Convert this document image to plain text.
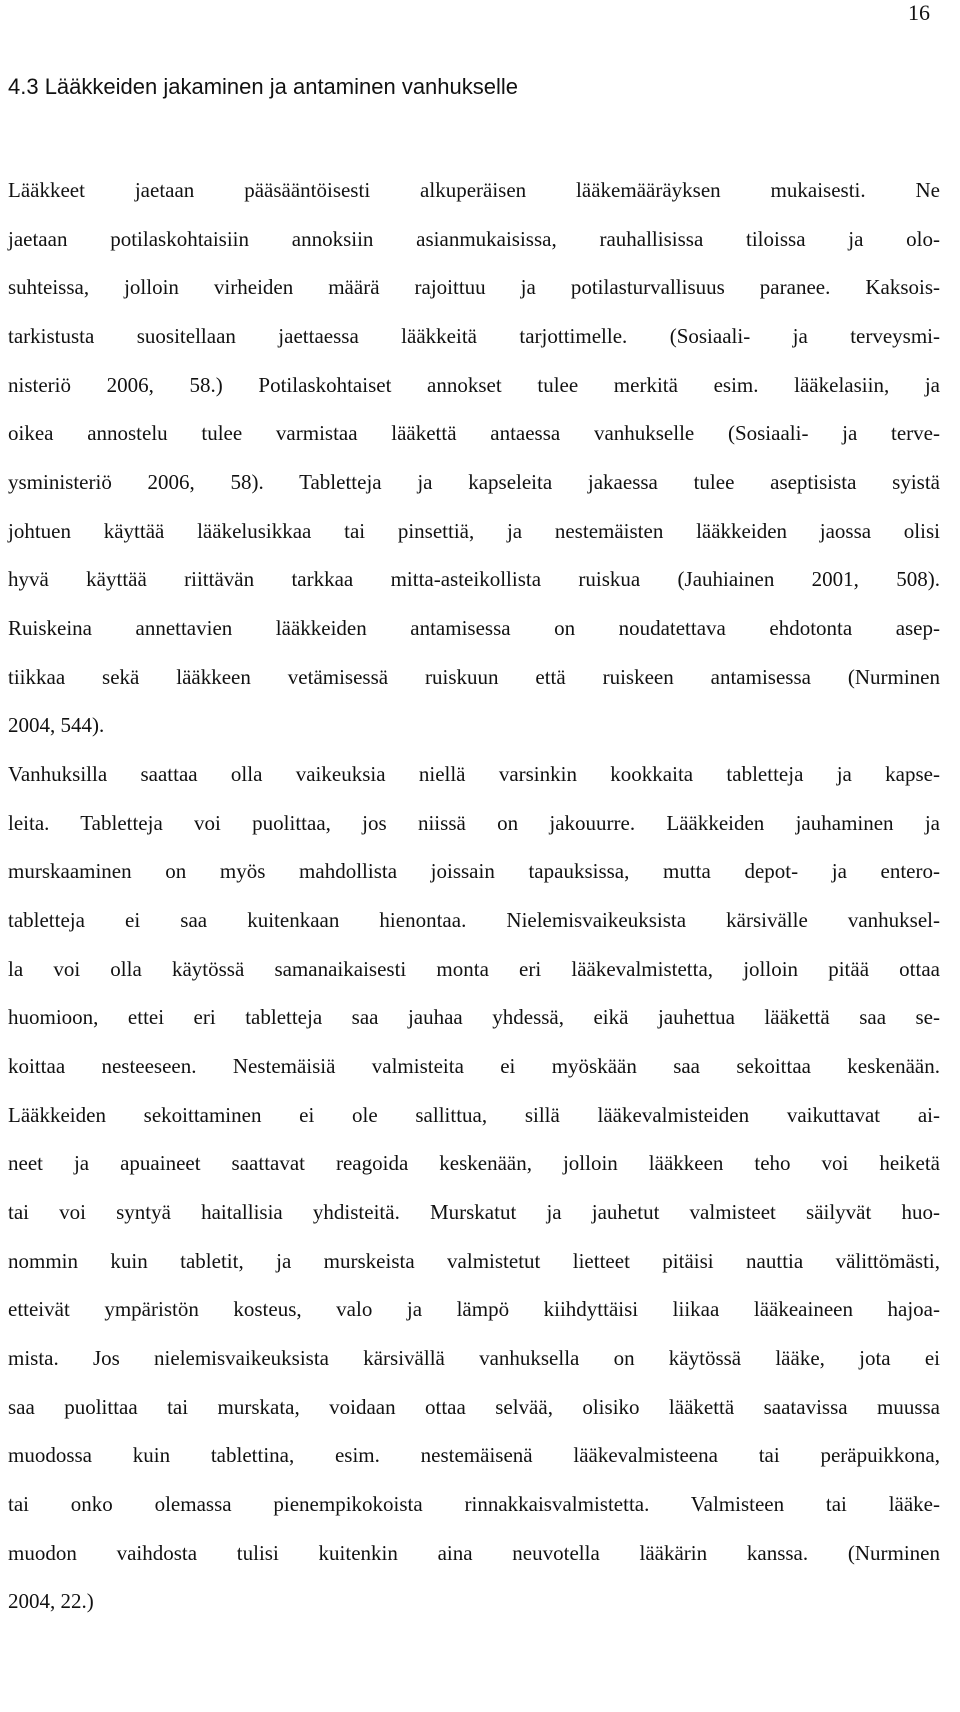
16
4.3 Lääkkeiden jakaminen ja antaminen vanhukselle
Lääkkeet jaetaan pääsääntöisesti alkuperäisen lääkemääräyksen mukaisesti. Ne
jaetaan potilaskohtaisiin annoksiin asianmukaisissa, rauhallisissa tiloissa ja olo-
suhteissa, jolloin virheiden määrä rajoittuu ja potilasturvallisuus paranee. Kaksois-
tarkistusta suositellaan jaettaessa lääkkeitä tarjottimelle. (Sosiaali- ja terveysmi-
nisteriö 2006, 58.) Potilaskohtaiset annokset tulee merkitä esim. lääkelasiin, ja
oikea annostelu tulee varmistaa lääkettä antaessa vanhukselle (Sosiaali- ja terve-
ysministeriö 2006, 58). Tabletteja ja kapseleita jakaessa tulee aseptisista syistä
johtuen käyttää lääkelusikkaa tai pinsettiä, ja nestemäisten lääkkeiden jaossa olisi
hyvä käyttää riittävän tarkkaa mitta-asteikollista ruiskua (Jauhiainen 2001, 508).
Ruiskeina annettavien lääkkeiden antamisessa on noudatettava ehdotonta asep-
tiikkaa sekä lääkkeen vetämisessä ruiskuun että ruiskeen antamisessa (Nurminen
2004, 544).
Vanhuksilla saattaa olla vaikeuksia niellä varsinkin kookkaita tabletteja ja kapse-
leita. Tabletteja voi puolittaa, jos niissä on jakouurre. Lääkkeiden jauhaminen ja
murskaaminen on myös mahdollista joissain tapauksissa, mutta depot- ja entero-
tabletteja ei saa kuitenkaan hienontaa. Nielemisvaikeuksista kärsivälle vanhuksel-
la voi olla käytössä samanaikaisesti monta eri lääkevalmistetta, jolloin pitää ottaa
huomioon, ettei eri tabletteja saa jauhaa yhdessä, eikä jauhettua lääkettä saa se-
koittaa nesteeseen. Nestemäisiä valmisteita ei myöskään saa sekoittaa keskenään.
Lääkkeiden sekoittaminen ei ole sallittua, sillä lääkevalmisteiden vaikuttavat ai-
neet ja apuaineet saattavat reagoida keskenään, jolloin lääkkeen teho voi heiketä
tai voi syntyä haitallisia yhdisteitä. Murskatut ja jauhetut valmisteet säilyvät huo-
nommin kuin tabletit, ja murskeista valmistetut lietteet pitäisi nauttia välittömästi,
etteivät ympäristön kosteus, valo ja lämpö kiihdyttäisi liikaa lääkeaineen hajoa-
mista. Jos nielemisvaikeuksista kärsivällä vanhuksella on käytössä lääke, jota ei
saa puolittaa tai murskata, voidaan ottaa selvää, olisiko lääkettä saatavissa muussa
muodossa kuin tablettina, esim. nestemäisenä lääkevalmisteena tai peräpuikkona,
tai onko olemassa pienempikokoista rinnakkaisvalmistetta. Valmisteen tai lääke-
muodon vaihdosta tulisi kuitenkin aina neuvotella lääkärin kanssa. (Nurminen
2004, 22.)
